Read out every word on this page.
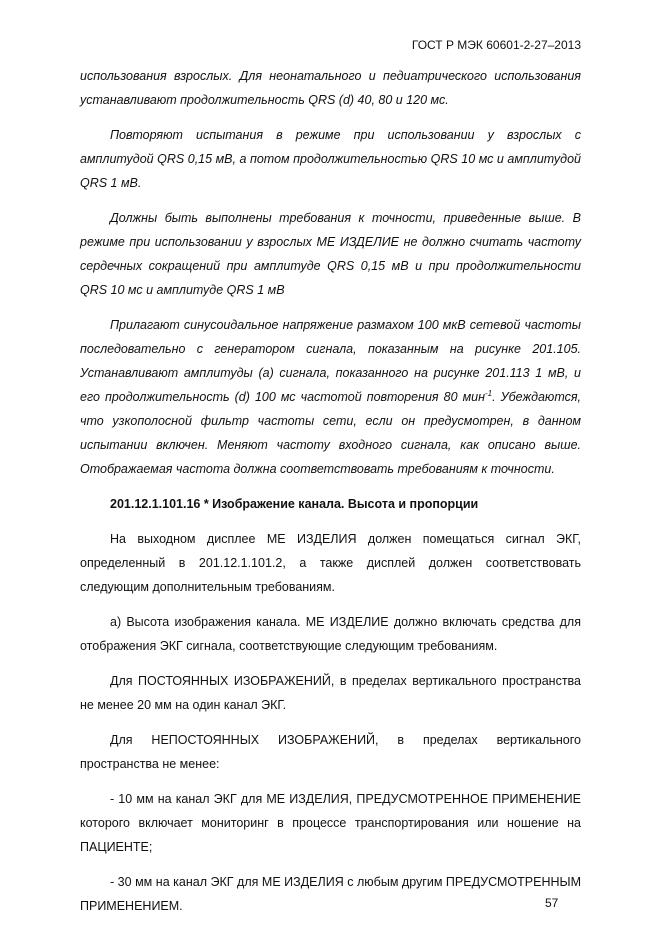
ГОСТ Р МЭК 60601-2-27–2013

использования взрослых. Для неонатального и педиатрического использования устанавливают продолжительность QRS (d) 40, 80 и 120 мс.

Повторяют испытания в режиме при использовании у взрослых с амплитудой QRS 0,15 мВ, а потом продолжительностью QRS 10 мс и амплитудой QRS 1 мВ.

Должны быть выполнены требования к точности, приведенные выше. В режиме при использовании у взрослых МЕ ИЗДЕЛИЕ не должно считать частоту сердечных сокращений при амплитуде QRS 0,15 мВ и при продолжительности QRS 10 мс и амплитуде QRS 1 мВ

Прилагают синусоидальное напряжение размахом 100 мкВ сетевой частоты последовательно с генератором сигнала, показанным на рисунке 201.105. Устанавливают амплитуды (а) сигнала, показанного на рисунке 201.113 1 мВ, и его продолжительность (d) 100 мс частотой повторения 80 мин$^{-1}$. Убеждаются, что узкополосной фильтр частоты сети, если он предусмотрен, в данном испытании включен. Меняют частоту входного сигнала, как описано выше. Отображаемая частота должна соответствовать требованиям к точности.

201.12.1.101.16 * Изображение канала. Высота и пропорции

На выходном дисплее МЕ ИЗДЕЛИЯ должен помещаться сигнал ЭКГ, определенный в 201.12.1.101.2, а также дисплей должен соответствовать следующим дополнительным требованиям.

а) Высота изображения канала. МЕ ИЗДЕЛИЕ должно включать средства для отображения ЭКГ сигнала, соответствующие следующим требованиям.

Для ПОСТОЯННЫХ ИЗОБРАЖЕНИЙ, в пределах вертикального пространства не менее 20 мм на один канал ЭКГ.

Для НЕПОСТОЯННЫХ ИЗОБРАЖЕНИЙ, в пределах вертикального пространства не менее:

- 10 мм на канал ЭКГ для МЕ ИЗДЕЛИЯ, ПРЕДУСМОТРЕННОЕ ПРИМЕНЕНИЕ которого включает мониторинг в процессе транспортирования или ношение на ПАЦИЕНТЕ;

- 30 мм на канал ЭКГ для МЕ ИЗДЕЛИЯ с любым другим ПРЕДУСМОТРЕННЫМ ПРИМЕНЕНИЕМ.	57
